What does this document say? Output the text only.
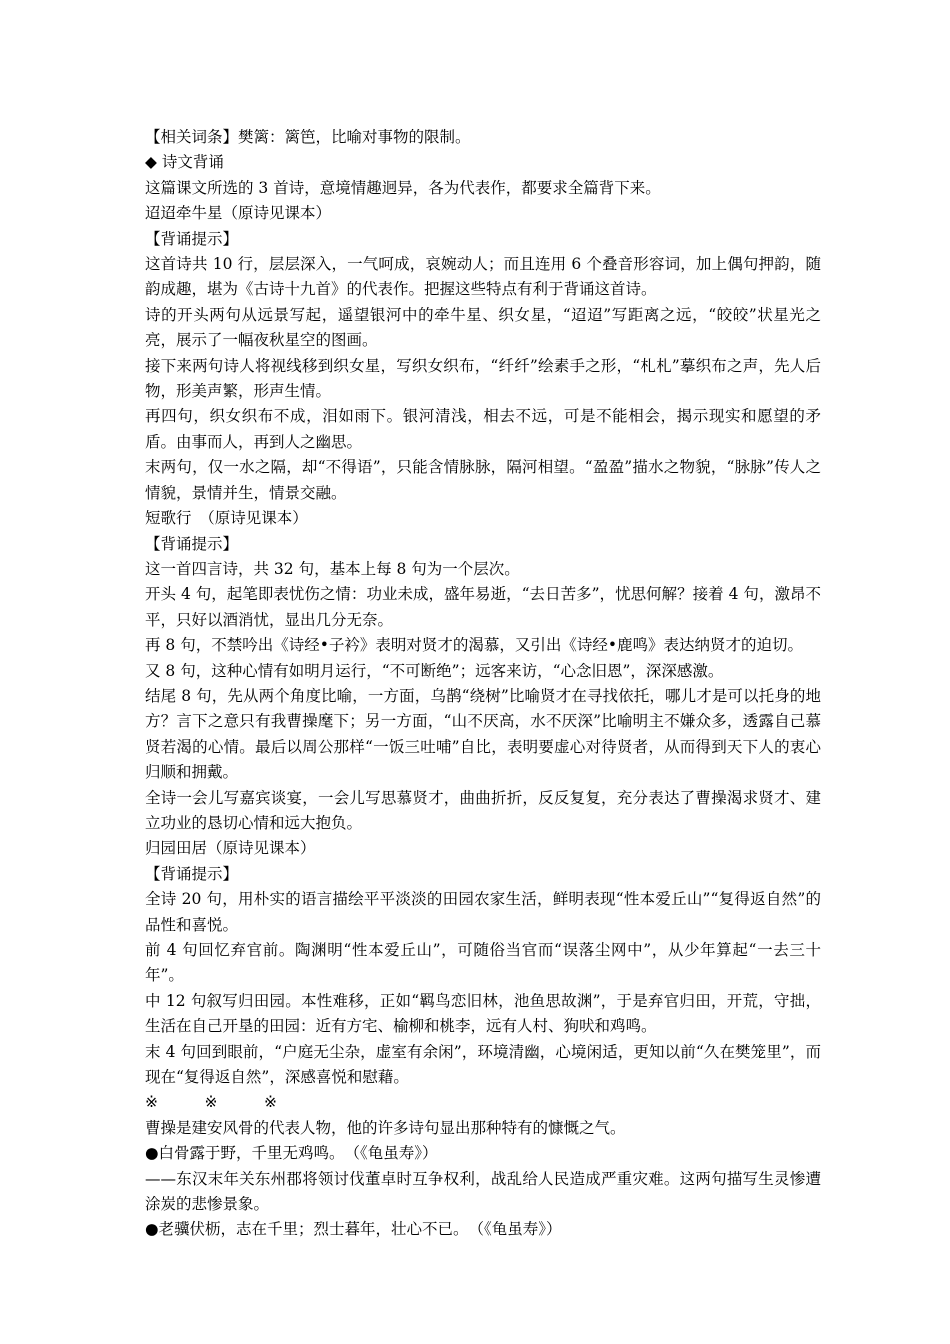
【相关词条】樊篱：篱笆，比喻对事物的限制。

◆ 诗文背诵

这篇课文所选的 3 首诗，意境情趣迥异，各为代表作，都要求全篇背下来。

迢迢牵牛星（原诗见课本）

【背诵提示】

这首诗共 10 行，层层深入，一气呵成，哀婉动人；而且连用 6 个叠音形容词，加上偶句押韵，随韵成趣，堪为《古诗十九首》的代表作。把握这些特点有利于背诵这首诗。

诗的开头两句从远景写起，遥望银河中的牵牛星、织女星，“迢迢”写距离之远，“皎皎”状星光之亮，展示了一幅夜秋星空的图画。

接下来两句诗人将视线移到织女星，写织女织布，“纤纤”绘素手之形，“札札”摹织布之声，先人后物，形美声繁，形声生情。

再四句，织女织布不成，泪如雨下。银河清浅，相去不远，可是不能相会，揭示现实和愿望的矛盾。由事而人，再到人之幽思。

末两句，仅一水之隔，却“不得语”，只能含情脉脉，隔河相望。“盈盈”描水之物貌，“脉脉”传人之情貌，景情并生，情景交融。

短歌行　（原诗见课本）

【背诵提示】

这一首四言诗，共 32 句，基本上每 8 句为一个层次。

开头 4 句，起笔即表忧伤之情：功业未成，盛年易逝，“去日苦多”，忧思何解？接着 4 句，激昂不平，只好以酒消忧，显出几分无奈。

再 8 句，不禁吟出《诗经•子衿》表明对贤才的渴慕，又引出《诗经•鹿鸣》表达纳贤才的迫切。

又 8 句，这种心情有如明月运行，“不可断绝”；远客来访，“心念旧恩”，深深感激。

结尾 8 句，先从两个角度比喻，一方面，乌鹊“绕树”比喻贤才在寻找依托，哪儿才是可以托身的地方？言下之意只有我曹操麾下；另一方面，“山不厌高，水不厌深”比喻明主不嫌众多，透露自己慕贤若渴的心情。最后以周公那样“一饭三吐哺”自比，表明要虚心对待贤者，从而得到天下人的衷心归顺和拥戴。

全诗一会儿写嘉宾谈宴，一会儿写思慕贤才，曲曲折折，反反复复，充分表达了曹操渴求贤才、建立功业的恳切心情和远大抱负。

归园田居（原诗见课本）

【背诵提示】

全诗 20 句，用朴实的语言描绘平平淡淡的田园农家生活，鲜明表现“性本爱丘山”“复得返自然”的品性和喜悦。

前 4 句回忆弃官前。陶渊明“性本爱丘山”，可随俗当官而“误落尘网中”，从少年算起“一去三十年”。

中 12 句叙写归田园。本性难移，正如“羁鸟恋旧林，池鱼思故渊”，于是弃官归田，开荒，守拙，生活在自己开垦的田园：近有方宅、榆柳和桃李，远有人村、狗吠和鸡鸣。

末 4 句回到眼前，“户庭无尘杂，虚室有余闲”，环境清幽，心境闲适，更知以前“久在樊笼里”，而现在“复得返自然”，深感喜悦和慰藉。

※　　　※　　　※

曹操是建安风骨的代表人物，他的许多诗句显出那种特有的慷慨之气。

●白骨露于野，千里无鸡鸣。　（《龟虽寿》）

——东汉末年关东州郡将领讨伐董卓时互争权利，战乱给人民造成严重灾难。这两句描写生灵惨遭涂炭的悲惨景象。

●老骥伏枥，志在千里；烈士暮年，壮心不已。　（《龟虽寿》）
